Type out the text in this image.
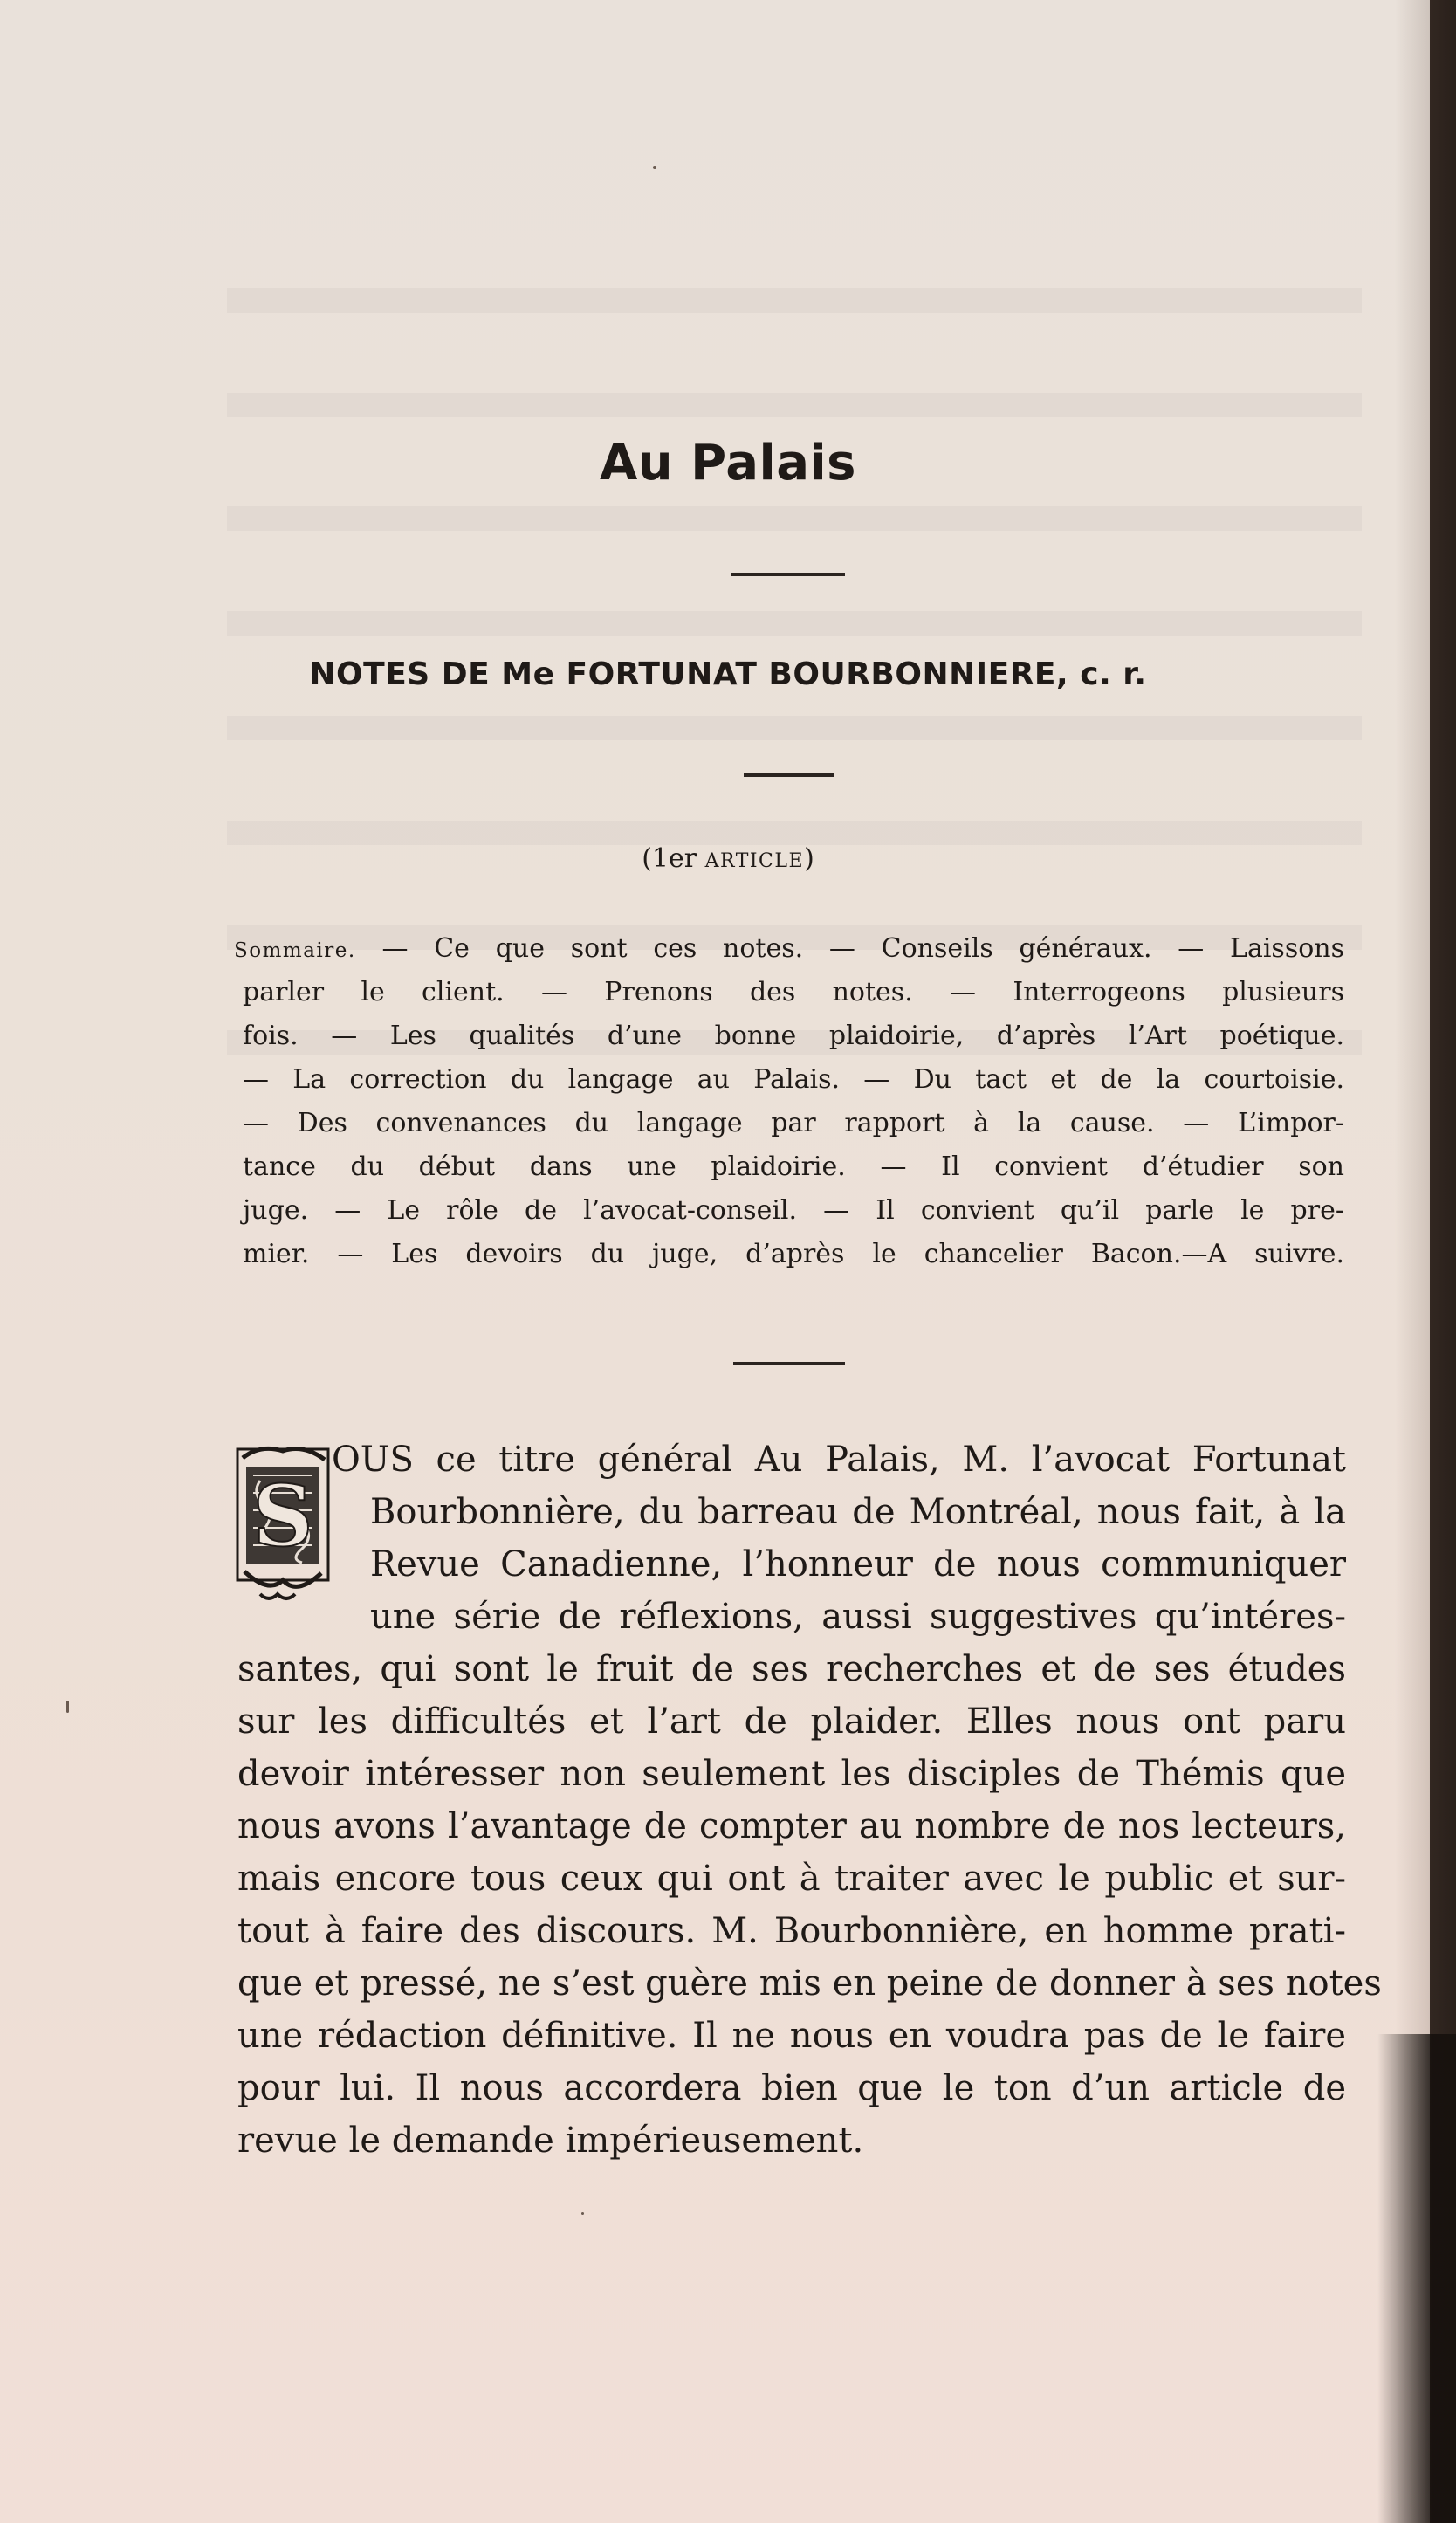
Au Palais
NOTES DE Me FORTUNAT BOURBONNIERE, c. r.
(1er ARTICLE)
Sommaire. — Ce que sont ces notes. — Conseils généraux. — Laissons
parler le client. — Prenons des notes. — Interrogeons plusieurs
fois. — Les qualités d’une bonne plaidoirie, d’après l’Art poétique.
— La correction du langage au Palais. — Du tact et de la courtoisie.
— Des convenances du langage par rapport à la cause. — L’impor-
tance du début dans une plaidoirie. — Il convient d’étudier son
juge. — Le rôle de l’avocat-conseil. — Il convient qu’il parle le pre-
mier. — Les devoirs du juge, d’après le chancelier Bacon.—A suivre.
S
OUS ce titre général Au Palais, M. l’avocat Fortunat
Bourbonnière, du barreau de Montréal, nous fait, à la
Revue Canadienne, l’honneur de nous communiquer
une série de réflexions, aussi suggestives qu’intéres-
santes, qui sont le fruit de ses recherches et de ses études
sur les difficultés et l’art de plaider. Elles nous ont paru
devoir intéresser non seulement les disciples de Thémis que
nous avons l’avantage de compter au nombre de nos lecteurs,
mais encore tous ceux qui ont à traiter avec le public et sur-
tout à faire des discours. M. Bourbonnière, en homme prati-
que et pressé, ne s’est guère mis en peine de donner à ses notes
une rédaction définitive. Il ne nous en voudra pas de le faire
pour lui. Il nous accordera bien que le ton d’un article de
revue le demande impérieusement.
